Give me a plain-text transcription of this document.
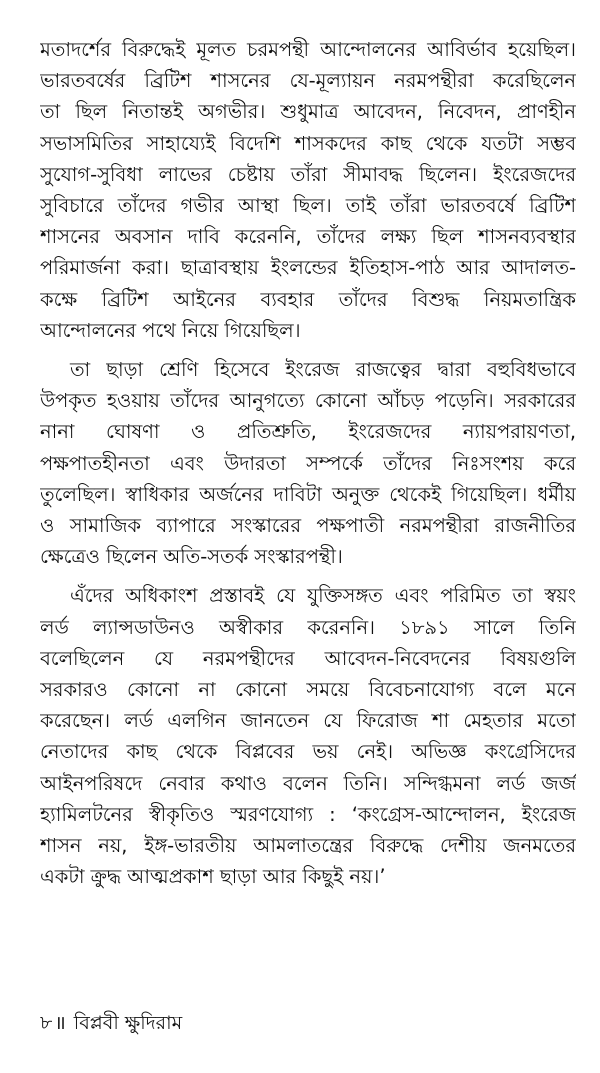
মতাদর্শের বিরুদ্ধেই মূলত চরমপন্থী আন্দোলনের আবির্ভাব হয়েছিল।
ভারতবর্ষের ব্রিটিশ শাসনের যে-মূল্যায়ন নরমপন্থীরা করেছিলেন
তা ছিল নিতান্তই অগভীর। শুধুমাত্র আবেদন, নিবেদন, প্রাণহীন
সভাসমিতির সাহায্যেই বিদেশি শাসকদের কাছ থেকে যতটা সম্ভব
সুযোগ-সুবিধা লাভের চেষ্টায় তাঁরা সীমাবদ্ধ ছিলেন। ইংরেজদের
সুবিচারে তাঁদের গভীর আস্থা ছিল। তাই তাঁরা ভারতবর্ষে ব্রিটিশ
শাসনের অবসান দাবি করেননি, তাঁদের লক্ষ্য ছিল শাসনব্যবস্থার
পরিমার্জনা করা। ছাত্রাবস্থায় ইংলন্ডের ইতিহাস-পাঠ আর আদালত-
কক্ষে ব্রিটিশ আইনের ব্যবহার তাঁদের বিশুদ্ধ নিয়মতান্ত্রিক
আন্দোলনের পথে নিয়ে গিয়েছিল।

তা ছাড়া শ্রেণি হিসেবে ইংরেজ রাজত্বের দ্বারা বহুবিধভাবে
উপকৃত হওয়ায় তাঁদের আনুগত্যে কোনো আঁচড় পড়েনি। সরকারের
নানা ঘোষণা ও প্রতিশ্রুতি, ইংরেজদের ন্যায়পরায়ণতা,
পক্ষপাতহীনতা এবং উদারতা সম্পর্কে তাঁদের নিঃসংশয় করে
তুলেছিল। স্বাধিকার অর্জনের দাবিটা অনুক্ত থেকেই গিয়েছিল। ধর্মীয়
ও সামাজিক ব্যাপারে সংস্কারের পক্ষপাতী নরমপন্থীরা রাজনীতির
ক্ষেত্রেও ছিলেন অতি-সতর্ক সংস্কারপন্থী।

এঁদের অধিকাংশ প্রস্তাবই যে যুক্তিসঙ্গত এবং পরিমিত তা স্বয়ং
লর্ড ল্যান্সডাউনও অস্বীকার করেননি। ১৮৯১ সালে তিনি
বলেছিলেন যে নরমপন্থীদের আবেদন-নিবেদনের বিষয়গুলি
সরকারও কোনো না কোনো সময়ে বিবেচনাযোগ্য বলে মনে
করেছেন। লর্ড এলগিন জানতেন যে ফিরোজ শা মেহতার মতো
নেতাদের কাছ থেকে বিপ্লবের ভয় নেই। অভিজ্ঞ কংগ্রেসিদের
আইনপরিষদে নেবার কথাও বলেন তিনি। সন্দিগ্ধমনা লর্ড জর্জ
হ্যামিলটনের স্বীকৃতিও স্মরণযোগ্য : ‘কংগ্রেস-আন্দোলন, ইংরেজ
শাসন নয়, ইঙ্গ-ভারতীয় আমলাতন্ত্রের বিরুদ্ধে দেশীয় জনমতের
একটা ক্রুদ্ধ আত্মপ্রকাশ ছাড়া আর কিছুই নয়।’

৮ ॥ বিপ্লবী ক্ষুদিরাম
